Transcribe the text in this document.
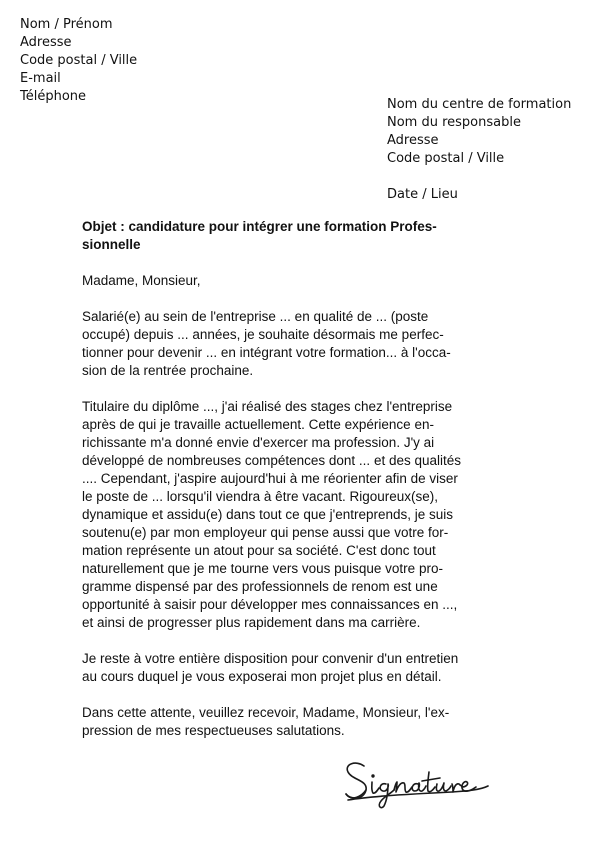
Nom / Prénom
Adresse
Code postal / Ville
E-mail
Téléphone
Nom du centre de formation
Nom du responsable
Adresse
Code postal / Ville
Date / Lieu
Objet : candidature pour intégrer une formation Profes-
sionnelle

Madame, Monsieur,

Salarié(e) au sein de l'entreprise ... en qualité de ... (poste
occupé) depuis ... années, je souhaite désormais me perfec-
tionner pour devenir ... en intégrant votre formation... à l'occa-
sion de la rentrée prochaine.

Titulaire du diplôme ..., j'ai réalisé des stages chez l'entreprise
après de qui je travaille actuellement. Cette expérience en-
richissante m'a donné envie d'exercer ma profession. J'y ai
développé de nombreuses compétences dont ... et des qualités
.... Cependant, j'aspire aujourd'hui à me réorienter afin de viser
le poste de ... lorsqu'il viendra à être vacant. Rigoureux(se),
dynamique et assidu(e) dans tout ce que j'entreprends, je suis
soutenu(e) par mon employeur qui pense aussi que votre for-
mation représente un atout pour sa société. C'est donc tout
naturellement que je me tourne vers vous puisque votre pro-
gramme dispensé par des professionnels de renom est une
opportunité à saisir pour développer mes connaissances en ...,
et ainsi de progresser plus rapidement dans ma carrière.

Je reste à votre entière disposition pour convenir d'un entretien
au cours duquel je vous exposerai mon projet plus en détail.

Dans cette attente, veuillez recevoir, Madame, Monsieur, l'ex-
pression de mes respectueuses salutations.
